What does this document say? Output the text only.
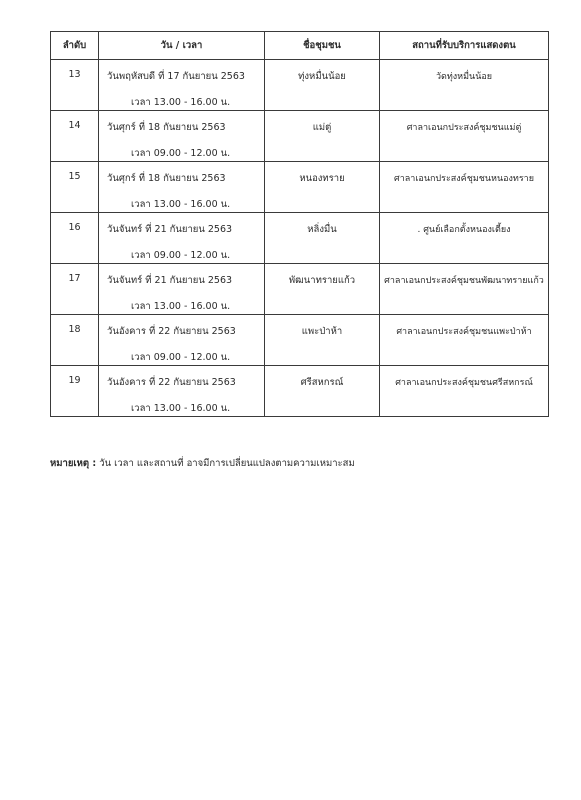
ลำดับ	วัน / เวลา	ชื่อชุมชน	สถานที่รับบริการแสดงตน

13	วันพฤหัสบดี ที่ 17 กันยายน 2563
เวลา 13.00 - 16.00 น.	ทุ่งหมื่นน้อย	วัดทุ่งหมื่นน้อย

14	วันศุกร์ ที่ 18 กันยายน 2563
เวลา 09.00 - 12.00 น.	แม่ตู่	ศาลาเอนกประสงค์ชุมชนแม่ตู่

15	วันศุกร์ ที่ 18 กันยายน 2563
เวลา 13.00 - 16.00 น.	หนองทราย	ศาลาเอนกประสงค์ชุมชนหนองทราย

16	วันจันทร์ ที่ 21 กันยายน 2563
เวลา 09.00 - 12.00 น.	หลิ่งมื่น	. ศูนย์เลือกตั้งหนองเตี้ยง

17	วันจันทร์ ที่ 21 กันยายน 2563
เวลา 13.00 - 16.00 น.	พัฒนาทรายแก้ว	ศาลาเอนกประสงค์ชุมชนพัฒนาทรายแก้ว

18	วันอังคาร ที่ 22 กันยายน 2563
เวลา 09.00 - 12.00 น.	แพะป่าห้า	ศาลาเอนกประสงค์ชุมชนแพะป่าห้า

19	วันอังคาร ที่ 22 กันยายน 2563
เวลา 13.00 - 16.00 น.	ศรีสหกรณ์	ศาลาเอนกประสงค์ชุมชนศรีสหกรณ์
หมายเหตุ : วัน เวลา และสถานที่ อาจมีการเปลี่ยนแปลงตามความเหมาะสม
